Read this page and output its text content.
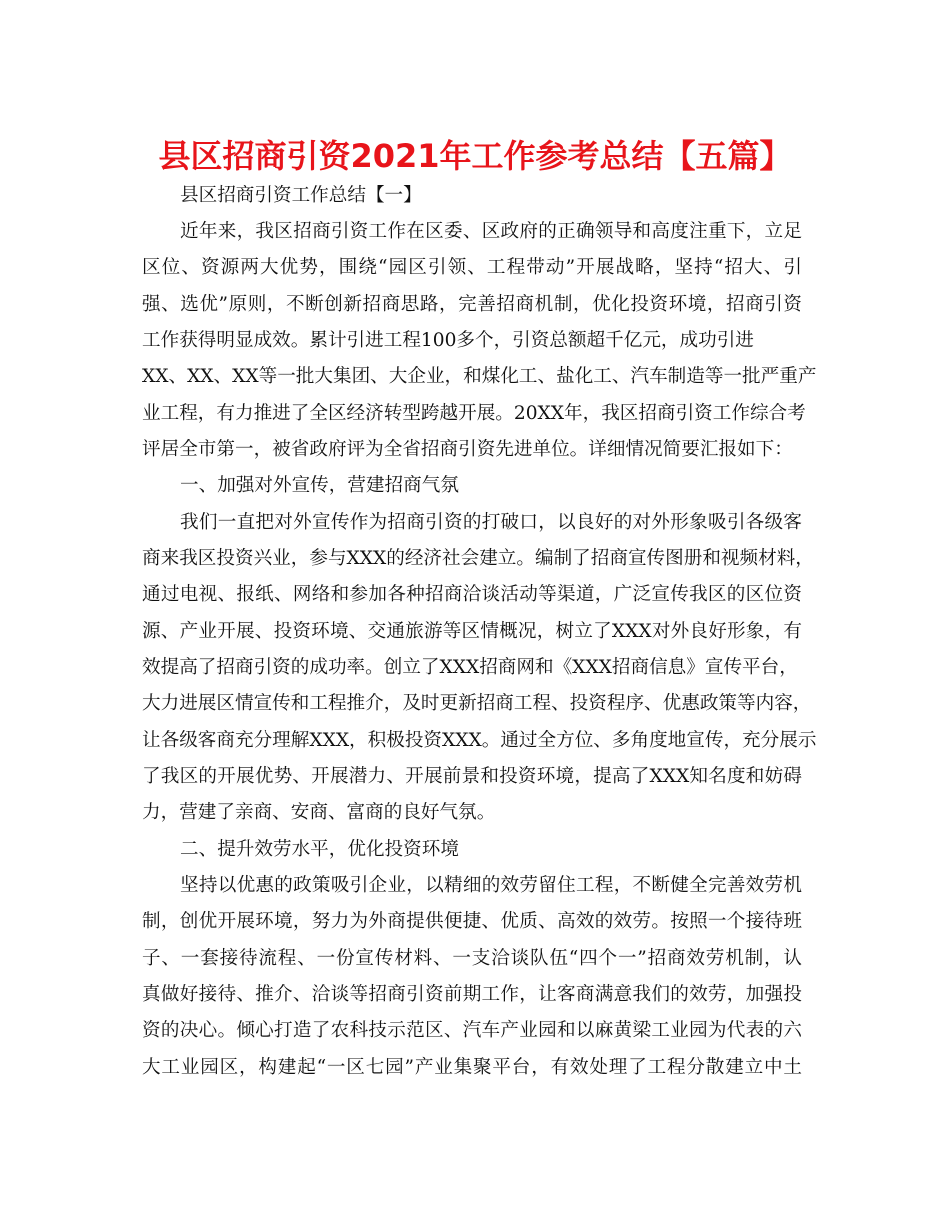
县区招商引资2021年工作参考总结【五篇】
县区招商引资工作总结【一】
近年来，我区招商引资工作在区委、区政府的正确领导和高度注重下，立足
区位、资源两大优势，围绕“园区引领、工程带动”开展战略，坚持“招大、引
强、选优”原则，不断创新招商思路，完善招商机制，优化投资环境，招商引资
工作获得明显成效。累计引进工程100多个，引资总额超千亿元，成功引进
XX、XX、XX等一批大集团、大企业，和煤化工、盐化工、汽车制造等一批严重产
业工程，有力推进了全区经济转型跨越开展。20XX年，我区招商引资工作综合考
评居全市第一，被省政府评为全省招商引资先进单位。详细情况简要汇报如下：
一、加强对外宣传，营建招商气氛
我们一直把对外宣传作为招商引资的打破口，以良好的对外形象吸引各级客
商来我区投资兴业，参与XXX的经济社会建立。编制了招商宣传图册和视频材料，
通过电视、报纸、网络和参加各种招商洽谈活动等渠道，广泛宣传我区的区位资
源、产业开展、投资环境、交通旅游等区情概况，树立了XXX对外良好形象，有
效提高了招商引资的成功率。创立了XXX招商网和《XXX招商信息》宣传平台，
大力进展区情宣传和工程推介，及时更新招商工程、投资程序、优惠政策等内容，
让各级客商充分理解XXX，积极投资XXX。通过全方位、多角度地宣传，充分展示
了我区的开展优势、开展潜力、开展前景和投资环境，提高了XXX知名度和妨碍
力，营建了亲商、安商、富商的良好气氛。
二、提升效劳水平，优化投资环境
坚持以优惠的政策吸引企业，以精细的效劳留住工程，不断健全完善效劳机
制，创优开展环境，努力为外商提供便捷、优质、高效的效劳。按照一个接待班
子、一套接待流程、一份宣传材料、一支洽谈队伍“四个一”招商效劳机制，认
真做好接待、推介、洽谈等招商引资前期工作，让客商满意我们的效劳，加强投
资的决心。倾心打造了农科技示范区、汽车产业园和以麻黄梁工业园为代表的六
大工业园区，构建起“一区七园”产业集聚平台，有效处理了工程分散建立中土
